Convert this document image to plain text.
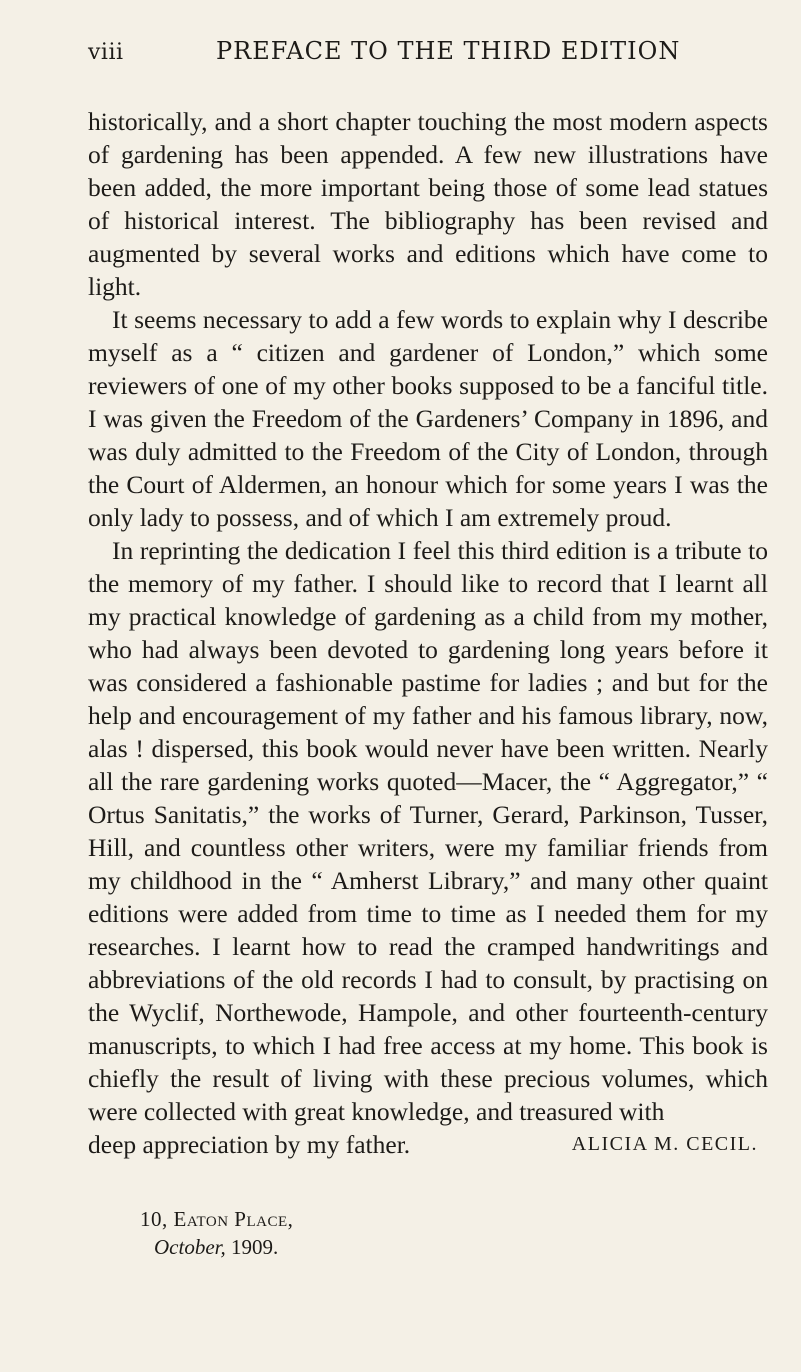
viii	PREFACE TO THE THIRD EDITION

historically, and a short chapter touching the most modern aspects of gardening has been appended. A few new illustrations have been added, the more important being those of some lead statues of historical interest. The bibliography has been revised and augmented by several works and editions which have come to light.

It seems necessary to add a few words to explain why I describe myself as a “ citizen and gardener of London,” which some reviewers of one of my other books supposed to be a fanciful title. I was given the Freedom of the Gardeners’ Company in 1896, and was duly admitted to the Freedom of the City of London, through the Court of Aldermen, an honour which for some years I was the only lady to possess, and of which I am extremely proud.

In reprinting the dedication I feel this third edition is a tribute to the memory of my father. I should like to record that I learnt all my practical knowledge of gardening as a child from my mother, who had always been devoted to gardening long years before it was considered a fashionable pastime for ladies ; and but for the help and encouragement of my father and his famous library, now, alas ! dispersed, this book would never have been written. Nearly all the rare gardening works quoted—Macer, the “ Aggregator,” “ Ortus Sanitatis,” the works of Turner, Gerard, Parkinson, Tusser, Hill, and countless other writers, were my familiar friends from my childhood in the “ Amherst Library,” and many other quaint editions were added from time to time as I needed them for my researches. I learnt how to read the cramped handwritings and abbreviations of the old records I had to consult, by practising on the Wyclif, Northewode, Hampole, and other fourteenth-century manuscripts, to which I had free access at my home. This book is chiefly the result of living with these precious volumes, which were collected with great knowledge, and treasured with

deep appreciation by my father.	ALICIA M. CECIL.

10, Eaton Place,
October, 1909.
